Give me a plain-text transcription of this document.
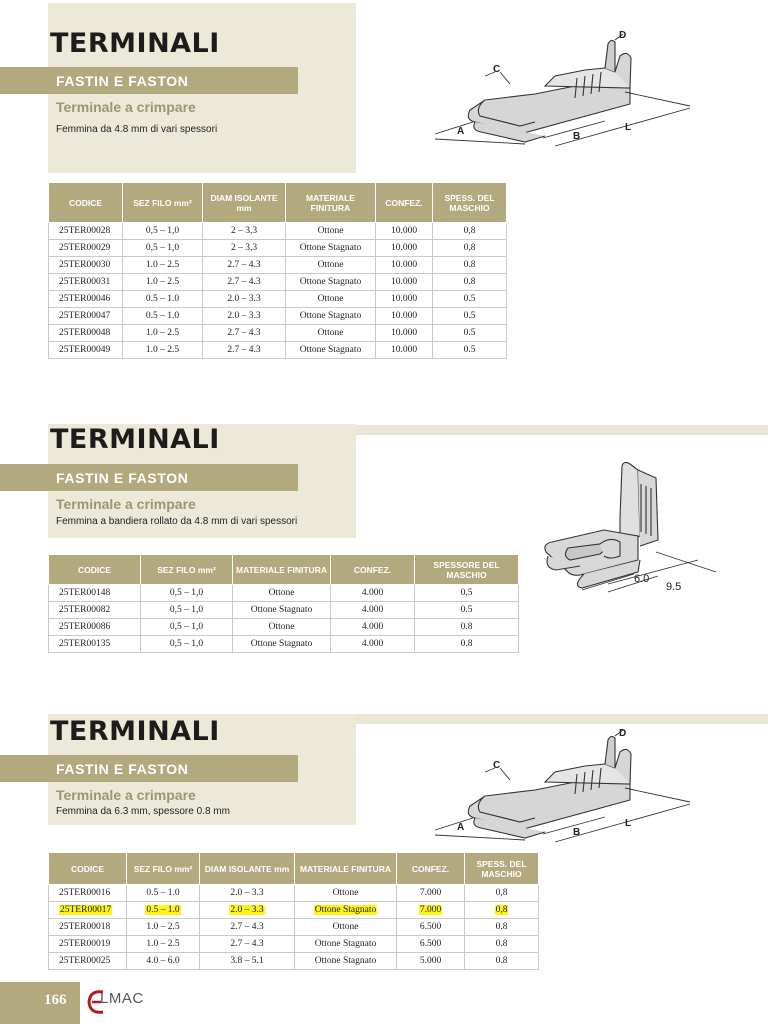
TERMINALI
FASTIN E FASTON
Terminale a crimpare
Femmina da 4.8 mm di vari spessori
C
D
A	B
L
CODICE	SEZ FILO mm²	DIAM ISOLANTE mm	MATERIALE FINITURA	CONFEZ.	SPESS. DEL MASCHIO
25TER00028	0,5 – 1,0	2 – 3,3	Ottone	10.000	0,8
25TER00029	0,5 – 1,0	2 – 3,3	Ottone Stagnato	10.000	0,8
25TER00030	1.0 – 2.5	2.7 – 4.3	Ottone	10.000	0.8
25TER00031	1.0 – 2.5	2.7 – 4.3	Ottone Stagnato	10.000	0.8
25TER00046	0.5 – 1.0	2.0 – 3.3	Ottone	10.000	0.5
25TER00047	0.5 – 1.0	2.0 – 3.3	Ottone Stagnato	10.000	0.5
25TER00048	1.0 – 2.5	2.7 – 4.3	Ottone	10.000	0.5
25TER00049	1.0 – 2.5	2.7 – 4.3	Ottone Stagnato	10.000	0.5
TERMINALI
FASTIN E FASTON
Terminale a crimpare
Femmina a bandiera rollato da 4.8 mm di vari spessori
6.0
9.5
CODICE	SEZ FILO mm²	MATERIALE FINITURA	CONFEZ.	SPESSORE DEL MASCHIO
25TER00148	0,5 – 1,0	Ottone	4.000	0,5
25TER00082	0,5 – 1,0	Ottone Stagnato	4.000	0.5
25TER00086	0,5 – 1,0	Ottone	4.000	0.8
25TER00135	0,5 – 1,0	Ottone Stagnato	4.000	0.8
TERMINALI
FASTIN E FASTON
Terminale a crimpare
Femmina da 6.3 mm, spessore 0.8 mm
C
D
A	B
L
CODICE	SEZ FILO mm²	DIAM ISOLANTE mm	MATERIALE FINITURA	CONFEZ.	SPESS. DEL MASCHIO
25TER00016	0.5 – 1.0	2.0 – 3.3	Ottone	7.000	0,8
25TER00017	0.5 – 1.0	2.0 – 3.3	Ottone Stagnato	7.000	0,8
25TER00018	1.0 – 2.5	2.7 – 4.3	Ottone	6.500	0.8
25TER00019	1.0 – 2.5	2.7 – 4.3	Ottone Stagnato	6.500	0.8
25TER00025	4.0 – 6.0	3.8 – 5.1	Ottone Stagnato	5.000	0.8
166 LMAC
